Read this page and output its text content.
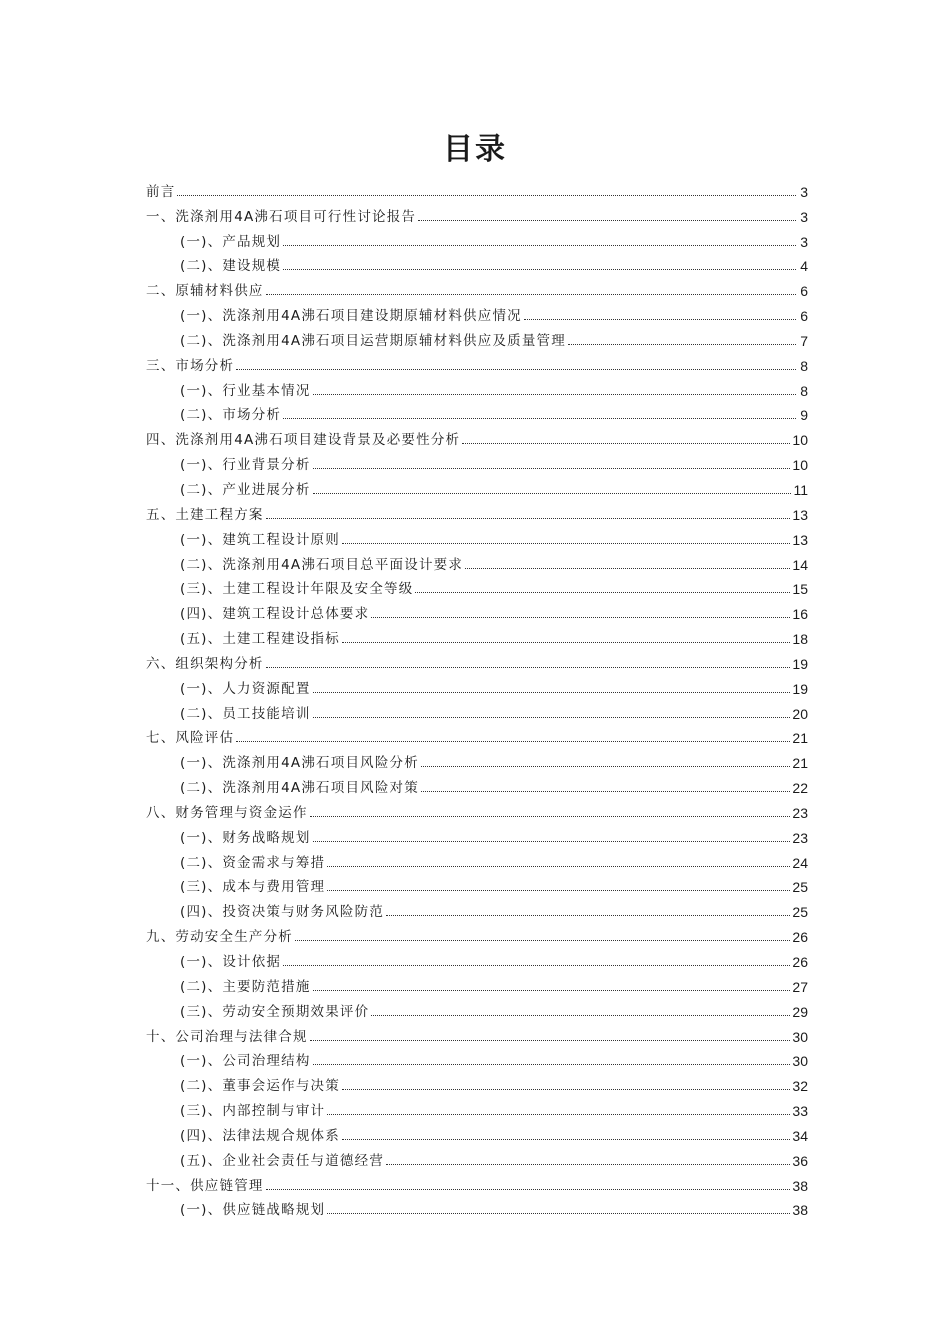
目录
前言	3
一、洗涤剂用4A沸石项目可行性讨论报告	3
(一)、产品规划	3
(二)、建设规模	4
二、原辅材料供应	6
(一)、洗涤剂用4A沸石项目建设期原辅材料供应情况	6
(二)、洗涤剂用4A沸石项目运营期原辅材料供应及质量管理	7
三、市场分析	8
(一)、行业基本情况	8
(二)、市场分析	9
四、洗涤剂用4A沸石项目建设背景及必要性分析	10
(一)、行业背景分析	10
(二)、产业进展分析	11
五、土建工程方案	13
(一)、建筑工程设计原则	13
(二)、洗涤剂用4A沸石项目总平面设计要求	14
(三)、土建工程设计年限及安全等级	15
(四)、建筑工程设计总体要求	16
(五)、土建工程建设指标	18
六、组织架构分析	19
(一)、人力资源配置	19
(二)、员工技能培训	20
七、风险评估	21
(一)、洗涤剂用4A沸石项目风险分析	21
(二)、洗涤剂用4A沸石项目风险对策	22
八、财务管理与资金运作	23
(一)、财务战略规划	23
(二)、资金需求与筹措	24
(三)、成本与费用管理	25
(四)、投资决策与财务风险防范	25
九、劳动安全生产分析	26
(一)、设计依据	26
(二)、主要防范措施	27
(三)、劳动安全预期效果评价	29
十、公司治理与法律合规	30
(一)、公司治理结构	30
(二)、董事会运作与决策	32
(三)、内部控制与审计	33
(四)、法律法规合规体系	34
(五)、企业社会责任与道德经营	36
十一、供应链管理	38
(一)、供应链战略规划	38
